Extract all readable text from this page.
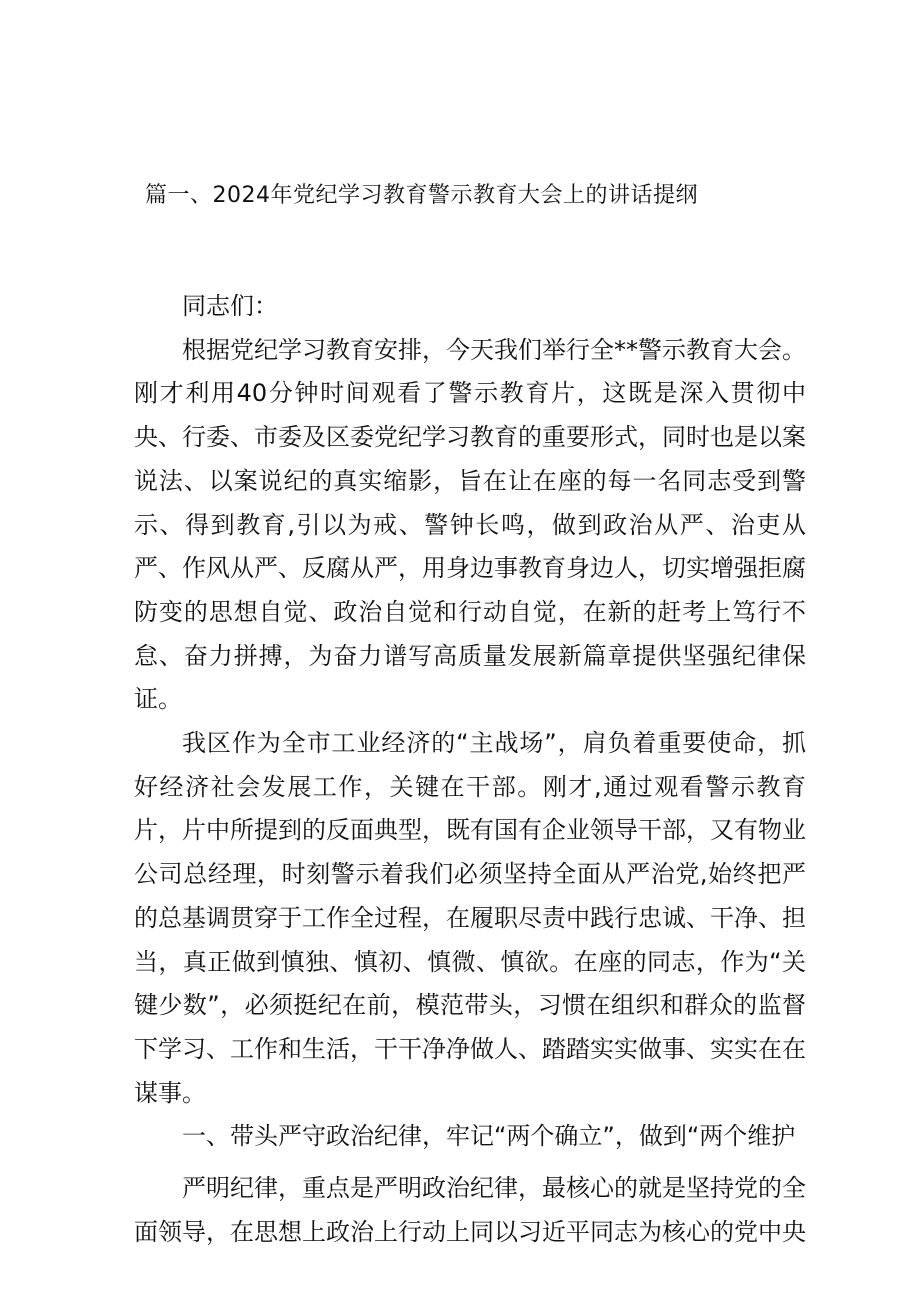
篇一、2024年党纪学习教育警示教育大会上的讲话提纲

同志们：

根据党纪学习教育安排，今天我们举行全**警示教育大会。刚才利用40分钟时间观看了警示教育片，这既是深入贯彻中央、行委、市委及区委党纪学习教育的重要形式，同时也是以案说法、以案说纪的真实缩影，旨在让在座的每一名同志受到警示、得到教育,引以为戒、警钟长鸣，做到政治从严、治吏从严、作风从严、反腐从严，用身边事教育身边人，切实增强拒腐防变的思想自觉、政治自觉和行动自觉，在新的赶考上笃行不怠、奋力拼搏，为奋力谱写高质量发展新篇章提供坚强纪律保证。

我区作为全市工业经济的“主战场”，肩负着重要使命，抓好经济社会发展工作，关键在干部。刚才,通过观看警示教育片，片中所提到的反面典型，既有国有企业领导干部，又有物业公司总经理，时刻警示着我们必须坚持全面从严治党,始终把严的总基调贯穿于工作全过程，在履职尽责中践行忠诚、干净、担当，真正做到慎独、慎初、慎微、慎欲。在座的同志，作为“关键少数”，必须挺纪在前，模范带头，习惯在组织和群众的监督下学习、工作和生活，干干净净做人、踏踏实实做事、实实在在谋事。

一、带头严守政治纪律，牢记“两个确立”，做到“两个维护

严明纪律，重点是严明政治纪律，最核心的就是坚持党的全面领导，在思想上政治上行动上同以习近平同志为核心的党中央
